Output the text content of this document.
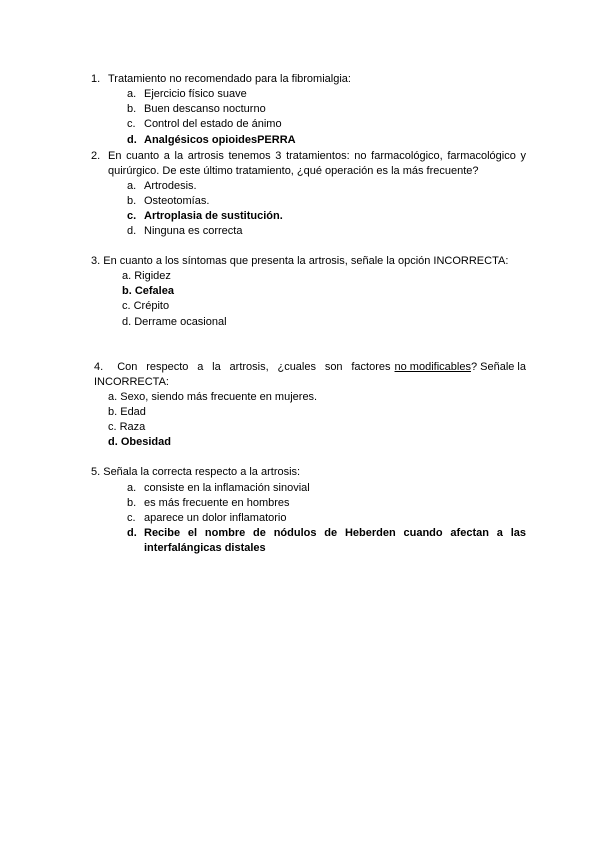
1. Tratamiento no recomendado para la fibromialgia:
a. Ejercicio físico suave
b. Buen descanso nocturno
c. Control del estado de ánimo
d. Analgésicos opioidesPERRA
2. En cuanto a la artrosis tenemos 3 tratamientos: no farmacológico, farmacológico y
quirúrgico. De este último tratamiento, ¿qué operación es la más frecuente?
a. Artrodesis.
b. Osteotomías.
c. Artroplasia de sustitución.
d. Ninguna es correcta
3. En cuanto a los síntomas que presenta la artrosis, señale la opción INCORRECTA:
a. Rigidez
b. Cefalea
c. Crépito
d. Derrame ocasional
4. Con respecto a la artrosis, ¿cuales son factores no modificables? Señale la
INCORRECTA:
a. Sexo, siendo más frecuente en mujeres.
b. Edad
c. Raza
d. Obesidad
5. Señala la correcta respecto a la artrosis:
a. consiste en la inflamación sinovial
b. es más frecuente en hombres
c. aparece un dolor inflamatorio
d. Recibe el nombre de nódulos de Heberden cuando afectan a las
interfalángicas distales
